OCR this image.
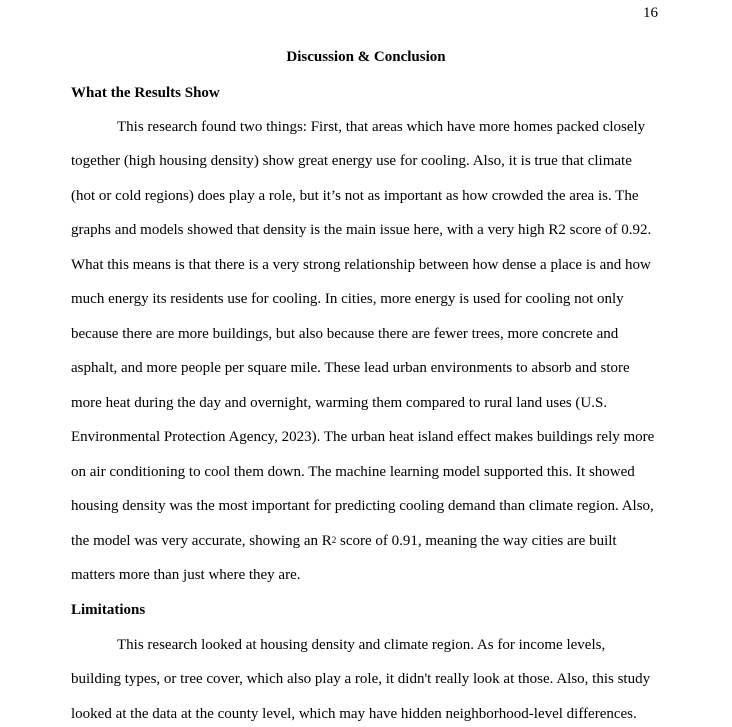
16
Discussion & Conclusion
What the Results Show
This research found two things: First, that areas which have more homes packed closely
together (high housing density) show great energy use for cooling. Also, it is true that climate
(hot or cold regions) does play a role, but it’s not as important as how crowded the area is. The
graphs and models showed that density is the main issue here, with a very high R2 score of 0.92.
What this means is that there is a very strong relationship between how dense a place is and how
much energy its residents use for cooling. In cities, more energy is used for cooling not only
because there are more buildings, but also because there are fewer trees, more concrete and
asphalt, and more people per square mile. These lead urban environments to absorb and store
more heat during the day and overnight, warming them compared to rural land uses (U.S.
Environmental Protection Agency, 2023). The urban heat island effect makes buildings rely more
on air conditioning to cool them down. The machine learning model supported this. It showed
housing density was the most important for predicting cooling demand than climate region. Also,
the model was very accurate, showing an $R^2$ score of 0.91, meaning the way cities are built
matters more than just where they are.
Limitations
This research looked at housing density and climate region. As for income levels,
building types, or tree cover, which also play a role, it didn't really look at those. Also, this study
looked at the data at the county level, which may have hidden neighborhood-level differences.
